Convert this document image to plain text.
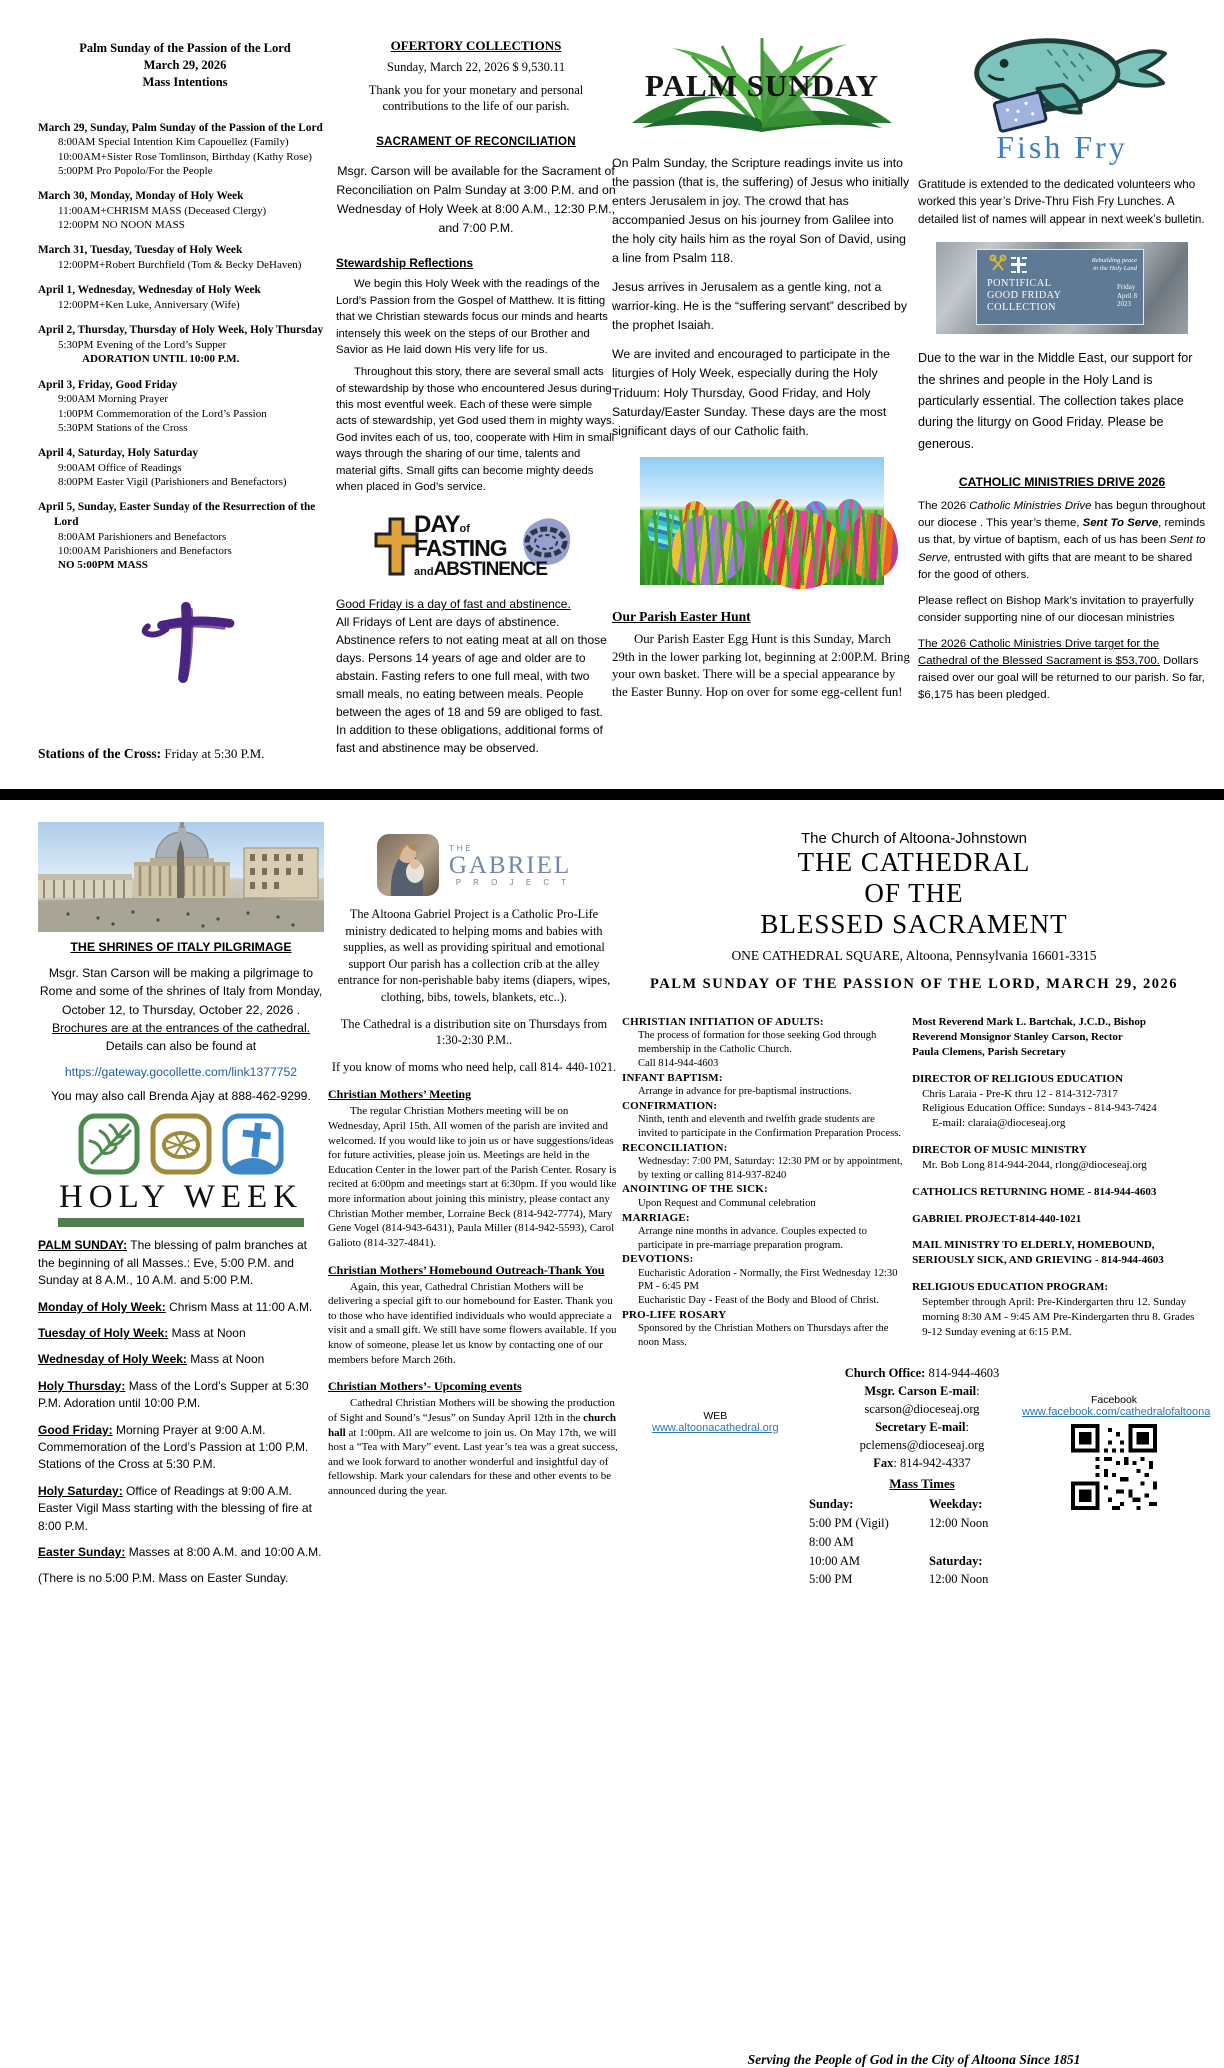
Palm Sunday of the Passion of the Lord
March 29, 2026
Mass Intentions
March 29, Sunday, Palm Sunday of the Passion of the Lord
8:00AM Special Intention Kim Capouellez (Family)
10:00AM+Sister Rose Tomlinson, Birthday (Kathy Rose)
5:00PM Pro Popolo/For the People
March 30, Monday, Monday of Holy Week
11:00AM+CHRISM MASS (Deceased Clergy)
12:00PM NO NOON MASS
March 31, Tuesday, Tuesday of Holy Week
12:00PM+Robert Burchfield (Tom & Becky DeHaven)
April 1, Wednesday, Wednesday of Holy Week
12:00PM+Ken Luke, Anniversary (Wife)
April 2, Thursday, Thursday of Holy Week, Holy Thursday
5:30PM Evening of the Lord’s Supper
ADORATION UNTIL 10:00 P.M.
April 3, Friday, Good Friday
9:00AM Morning Prayer
1:00PM Commemoration of the Lord’s Passion
5:30PM Stations of the Cross
April 4, Saturday, Holy Saturday
9:00AM Office of Readings
8:00PM Easter Vigil (Parishioners and Benefactors)
April 5, Sunday, Easter Sunday of the Resurrection of the Lord
8:00AM Parishioners and Benefactors
10:00AM Parishioners and Benefactors
NO 5:00PM MASS
Stations of the Cross: Friday at 5:30 P.M.
OFERTORY COLLECTIONS
Sunday, March 22, 2026 $ 9,530.11
Thank you for your monetary and personal contributions to the life of our parish.
SACRAMENT OF RECONCILIATION
Msgr. Carson will be available for the Sacrament of Reconciliation on Palm Sunday at 3:00 P.M. and on Wednesday of Holy Week at 8:00 A.M., 12:30 P.M., and 7:00 P.M.
Stewardship Reflections
We begin this Holy Week with the readings of the Lord’s Passion from the Gospel of Matthew. It is fitting that we Christian stewards focus our minds and hearts intensely this week on the steps of our Brother and Savior as He laid down His very life for us.
Throughout this story, there are several small acts of stewardship by those who encountered Jesus during this most eventful week. Each of these were simple acts of stewardship, yet God used them in mighty ways. God invites each of us, too, cooperate with Him in small ways through the sharing of our time, talents and material gifts. Small gifts can become mighty deeds when placed in God’s service.
DAYof
FASTING
andABSTINENCE
Good Friday is a day of fast and abstinence.
All Fridays of Lent are days of abstinence. Abstinence refers to not eating meat at all on those days. Persons 14 years of age and older are to abstain. Fasting refers to one full meal, with two small meals, no eating between meals. People between the ages of 18 and 59 are obliged to fast. In addition to these obligations, additional forms of fast and abstinence may be observed.
PALM SUNDAY
On Palm Sunday, the Scripture readings invite us into the passion (that is, the suffering) of Jesus who initially enters Jerusalem in joy. The crowd that has accompanied Jesus on his journey from Galilee into the holy city hails him as the royal Son of David, using a line from Psalm 118.
Jesus arrives in Jerusalem as a gentle king, not a warrior-king. He is the “suffering servant” described by the prophet Isaiah.
We are invited and encouraged to participate in the liturgies of Holy Week, especially during the Holy Triduum: Holy Thursday, Good Friday, and Holy Saturday/Easter Sunday. These days are the most significant days of our Catholic faith.
Our Parish Easter Hunt
Our Parish Easter Egg Hunt is this Sunday, March 29th in the lower parking lot, beginning at 2:00P.M. Bring your own basket. There will be a special appearance by the Easter Bunny. Hop on over for some egg-cellent fun!
Fish Fry
Gratitude is extended to the dedicated volunteers who worked this year’s Drive-Thru Fish Fry Lunches. A detailed list of names will appear in next week’s bulletin.
Rebuilding peace
in the Holy Land
PONTIFICAL
GOOD FRIDAY
COLLECTION
Friday
April 8
2023
Due to the war in the Middle East, our support for the shrines and people in the Holy Land is particularly essential. The collection takes place during the liturgy on Good Friday. Please be generous.
CATHOLIC MINISTRIES DRIVE 2026
The 2026 Catholic Ministries Drive has begun throughout our diocese . This year’s theme, Sent To Serve, reminds us that, by virtue of baptism, each of us has been Sent to Serve, entrusted with gifts that are meant to be shared for the good of others.
Please reflect on Bishop Mark’s invitation to prayerfully consider supporting nine of our diocesan ministries
The 2026 Catholic Ministries Drive target for the Cathedral of the Blessed Sacrament is $53,700. Dollars raised over our goal will be returned to our parish. So far, $6,175 has been pledged.
THE SHRINES OF ITALY PILGRIMAGE
Msgr. Stan Carson will be making a pilgrimage to Rome and some of the shrines of Italy from Monday, October 12, to Thursday, October 22, 2026 . Brochures are at the entrances of the cathedral. Details can also be found at
https://gateway.gocollette.com/link1377752
You may also call Brenda Ajay at 888-462-9299.
HOLY WEEK
PALM SUNDAY: The blessing of palm branches at the beginning of all Masses.: Eve, 5:00 P.M. and Sunday at 8 A.M., 10 A.M. and 5:00 P.M.
Monday of Holy Week: Chrism Mass at 11:00 A.M.
Tuesday of Holy Week: Mass at Noon
Wednesday of Holy Week: Mass at Noon
Holy Thursday: Mass of the Lord’s Supper at 5:30 P.M. Adoration until 10:00 P.M.
Good Friday: Morning Prayer at 9:00 A.M. Commemoration of the Lord’s Passion at 1:00 P.M. Stations of the Cross at 5:30 P.M.
Holy Saturday: Office of Readings at 9:00 A.M. Easter Vigil Mass starting with the blessing of fire at 8:00 P.M.
Easter Sunday: Masses at 8:00 A.M. and 10:00 A.M.
(There is no 5:00 P.M. Mass on Easter Sunday.
THE
GABRIEL
P R O J E C T
The Altoona Gabriel Project is a Catholic Pro-Life ministry dedicated to helping moms and babies with supplies, as well as providing spiritual and emotional support Our parish has a collection crib at the alley entrance for non-perishable baby items (diapers, wipes, clothing, bibs, towels, blankets, etc..).
The Cathedral is a distribution site on Thursdays from 1:30-2:30 P.M..
If you know of moms who need help, call 814- 440-1021.
Christian Mothers’ Meeting
The regular Christian Mothers meeting will be on Wednesday, April 15th. All women of the parish are invited and welcomed. If you would like to join us or have suggestions/ideas for future activities, please join us. Meetings are held in the Education Center in the lower part of the Parish Center. Rosary is recited at 6:00pm and meetings start at 6:30pm. If you would like more information about joining this ministry, please contact any Christian Mother member, Lorraine Beck (814-942-7774), Mary Gene Vogel (814-943-6431), Paula Miller (814-942-5593), Carol Galioto (814-327-4841).
Christian Mothers’ Homebound Outreach-Thank You
Again, this year, Cathedral Christian Mothers will be delivering a special gift to our homebound for Easter. Thank you to those who have identified individuals who would appreciate a visit and a small gift. We still have some flowers available. If you know of someone, please let us know by contacting one of our members before March 26th.
Christian Mothers’- Upcoming events
Cathedral Christian Mothers will be showing the production of Sight and Sound’s “Jesus” on Sunday April 12th in the church hall at 1:00pm. All are welcome to join us. On May 17th, we will host a “Tea with Mary” event. Last year’s tea was a great success, and we look forward to another wonderful and insightful day of fellowship. Mark your calendars for these and other events to be announced during the year.
The Church of Altoona-Johnstown
THE CATHEDRAL
OF THE
BLESSED SACRAMENT
ONE CATHEDRAL SQUARE, Altoona, Pennsylvania 16601-3315
PALM SUNDAY OF THE PASSION OF THE LORD, MARCH 29, 2026
CHRISTIAN INITIATION OF ADULTS:
The process of formation for those seeking God through membership in the Catholic Church.
Call 814-944-4603
INFANT BAPTISM:
Arrange in advance for pre-baptismal instructions.
CONFIRMATION:
Ninth, tenth and eleventh and twelfth grade students are invited to participate in the Confirmation Preparation Process.
RECONCILIATION:
Wednesday: 7:00 PM, Saturday: 12:30 PM or by appointment, by texting or calling 814-937-8240
ANOINTING OF THE SICK:
Upon Request and Communal celebration
MARRIAGE:
Arrange nine months in advance. Couples expected to participate in pre-marriage preparation program.
DEVOTIONS:
Eucharistic Adoration - Normally, the First Wednesday 12:30 PM - 6:45 PM
Eucharistic Day - Feast of the Body and Blood of Christ.
PRO-LIFE ROSARY
Sponsored by the Christian Mothers on Thursdays after the noon Mass.
Most Reverend Mark L. Bartchak, J.C.D., Bishop
Reverend Monsignor Stanley Carson, Rector
Paula Clemens, Parish Secretary
DIRECTOR OF RELIGIOUS EDUCATION
Chris Laraia - Pre-K thru 12 - 814-312-7317
Religious Education Office: Sundays - 814-943-7424
E-mail: claraia@dioceseaj.org
DIRECTOR OF MUSIC MINISTRY
Mr. Bob Long 814-944-2044, rlong@dioceseaj.org
CATHOLICS RETURNING HOME - 814-944-4603
GABRIEL PROJECT-814-440-1021
MAIL MINISTRY TO ELDERLY, HOMEBOUND,
SERIOUSLY SICK, AND GRIEVING - 814-944-4603
RELIGIOUS EDUCATION PROGRAM:
September through April: Pre-Kindergarten thru 12. Sunday morning 8:30 AM - 9:45 AM Pre-Kindergarten thru 8. Grades 9-12 Sunday evening at 6:15 P.M.
WEB
www.altoonacathedral.org
Church Office: 814-944-4603
Msgr. Carson E-mail:
scarson@dioceseaj.org
Secretary E-mail:
pclemens@dioceseaj.org
Fax: 814-942-4337
Mass Times
Sunday:	Weekday:
5:00 PM (Vigil)	12:00 Noon
8:00 AM
10:00 AM	Saturday:
5:00 PM	12:00 Noon
Facebook
www.facebook.com/cathedralofaltoona
Serving the People of God in the City of Altoona Since 1851
